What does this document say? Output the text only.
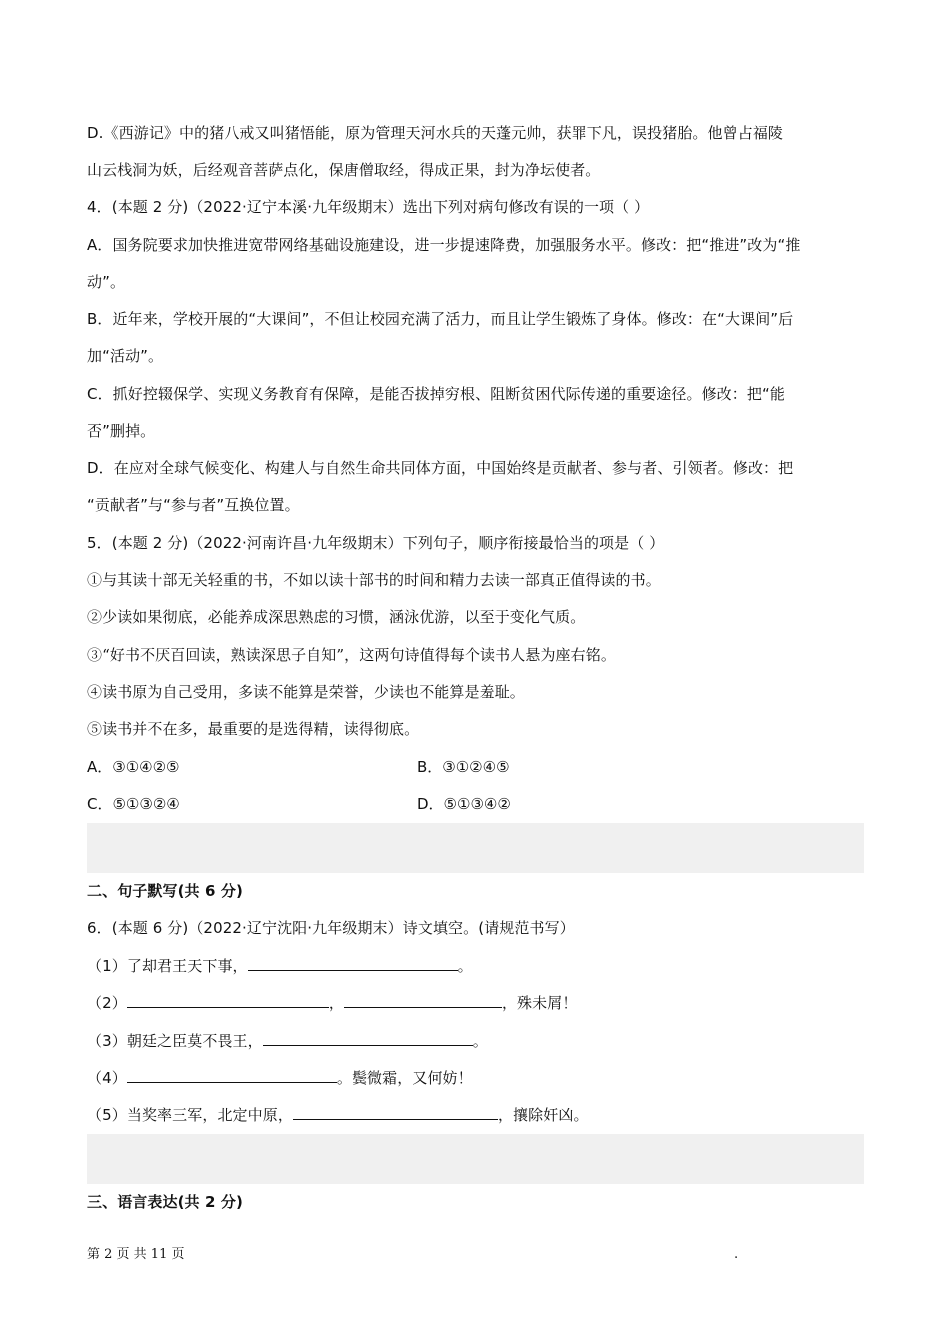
D.《西游记》中的猪八戒又叫猪悟能，原为管理天河水兵的天蓬元帅，获罪下凡，误投猪胎。他曾占福陵
山云栈洞为妖，后经观音菩萨点化，保唐僧取经，得成正果，封为净坛使者。
4．(本题 2 分)（2022·辽宁本溪·九年级期末）选出下列对病句修改有误的一项（ ）
A．国务院要求加快推进宽带网络基础设施建设，进一步提速降费，加强服务水平。修改：把“推进”改为“推
动”。
B．近年来，学校开展的“大课间”，不但让校园充满了活力，而且让学生锻炼了身体。修改：在“大课间”后
加“活动”。
C．抓好控辍保学、实现义务教育有保障，是能否拔掉穷根、阻断贫困代际传递的重要途径。修改：把“能
否”删掉。
D．在应对全球气候变化、构建人与自然生命共同体方面，中国始终是贡献者、参与者、引领者。修改：把
“贡献者”与“参与者”互换位置。
5．(本题 2 分)（2022·河南许昌·九年级期末）下列句子，顺序衔接最恰当的项是（ ）
①与其读十部无关轻重的书，不如以读十部书的时间和精力去读一部真正值得读的书。
②少读如果彻底，必能养成深思熟虑的习惯，涵泳优游，以至于变化气质。
③“好书不厌百回读，熟读深思子自知”，这两句诗值得每个读书人悬为座右铭。
④读书原为自己受用，多读不能算是荣誉，少读也不能算是羞耻。
⑤读书并不在多，最重要的是选得精，读得彻底。
A．③①④②⑤	B．③①②④⑤
C．⑤①③②④	D．⑤①③④②
二、句子默写(共 6 分)
6．(本题 6 分)（2022·辽宁沈阳·九年级期末）诗文填空。(请规范书写）
（1）了却君王天下事，	。
（2）	，	，殊未屑！
（3）朝廷之臣莫不畏王，	。
（4）	。鬓微霜，又何妨！
（5）当奖率三军，北定中原，	，攘除奸凶。
三、语言表达(共 2 分)
第 2 页 共 11 页	.
